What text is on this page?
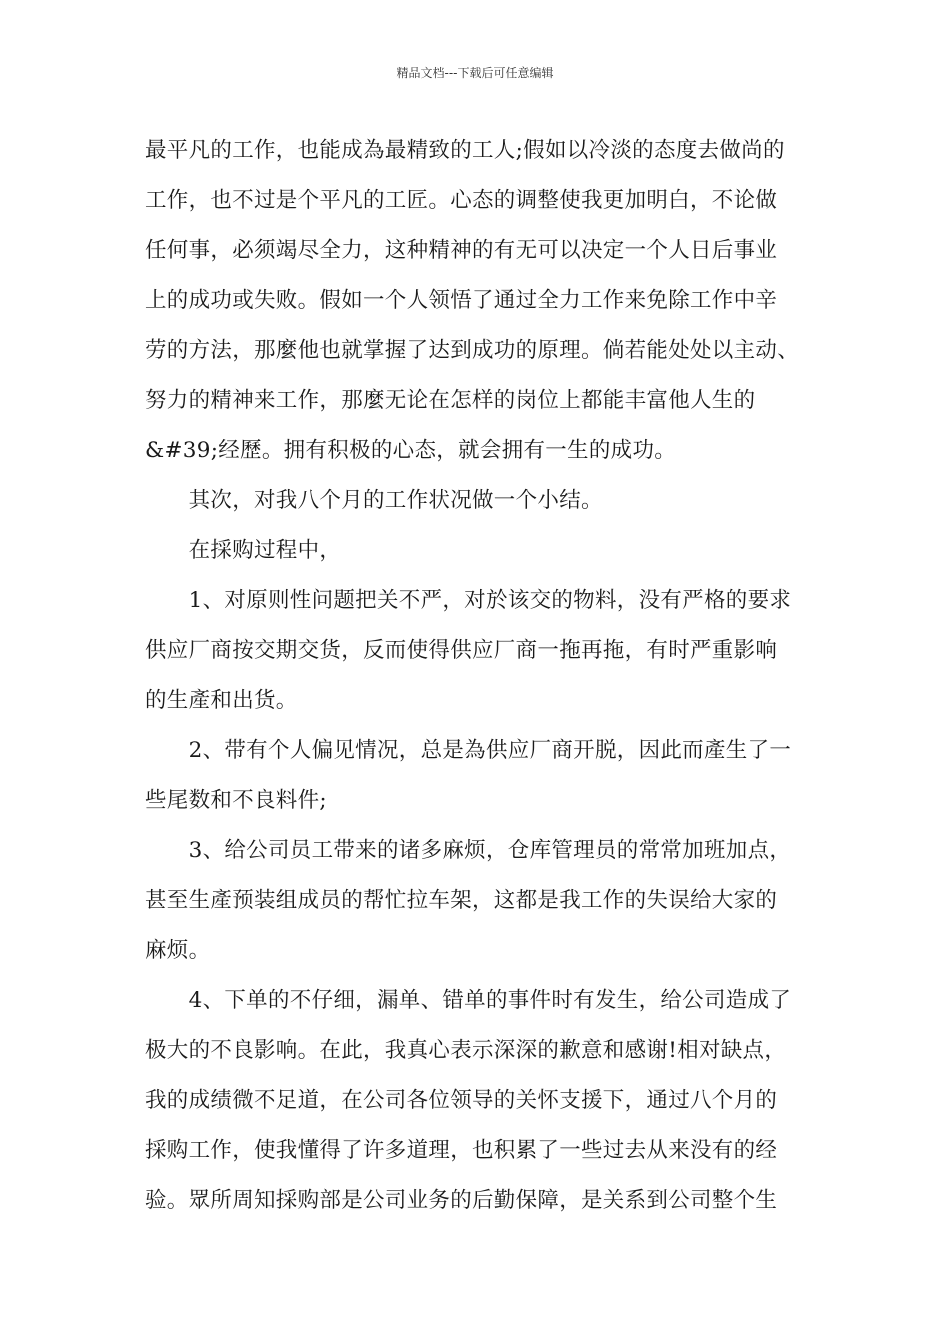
精品文档---下载后可任意编辑
最平凡的工作，也能成為最精致的工人;假如以冷淡的态度去做尚的
工作，也不过是个平凡的工匠。心态的调整使我更加明白，不论做
任何事，必须竭尽全力，这种精神的有无可以决定一个人日后事业
上的成功或失败。假如一个人领悟了通过全力工作来免除工作中辛
劳的方法，那麼他也就掌握了达到成功的原理。倘若能处处以主动、
努力的精神来工作，那麼无论在怎样的岗位上都能丰富他人生的
&#39;经歷。拥有积极的心态，就会拥有一生的成功。
　　其次，对我八个月的工作状况做一个小结。
　　在採购过程中，
　　1、对原则性问题把关不严，对於该交的物料，没有严格的要求
供应厂商按交期交货，反而使得供应厂商一拖再拖，有时严重影响
的生產和出货。
　　2、带有个人偏见情况，总是為供应厂商开脱，因此而產生了一
些尾数和不良料件;
　　3、给公司员工带来的诸多麻烦，仓库管理员的常常加班加点，
甚至生產预装组成员的帮忙拉车架，这都是我工作的失误给大家的
麻烦。
　　4、下单的不仔细，漏单、错单的事件时有发生，给公司造成了
极大的不良影响。在此，我真心表示深深的歉意和感谢!相对缺点，
我的成绩微不足道，在公司各位领导的关怀支援下，通过八个月的
採购工作，使我懂得了许多道理，也积累了一些过去从来没有的经
验。眾所周知採购部是公司业务的后勤保障，是关系到公司整个生
